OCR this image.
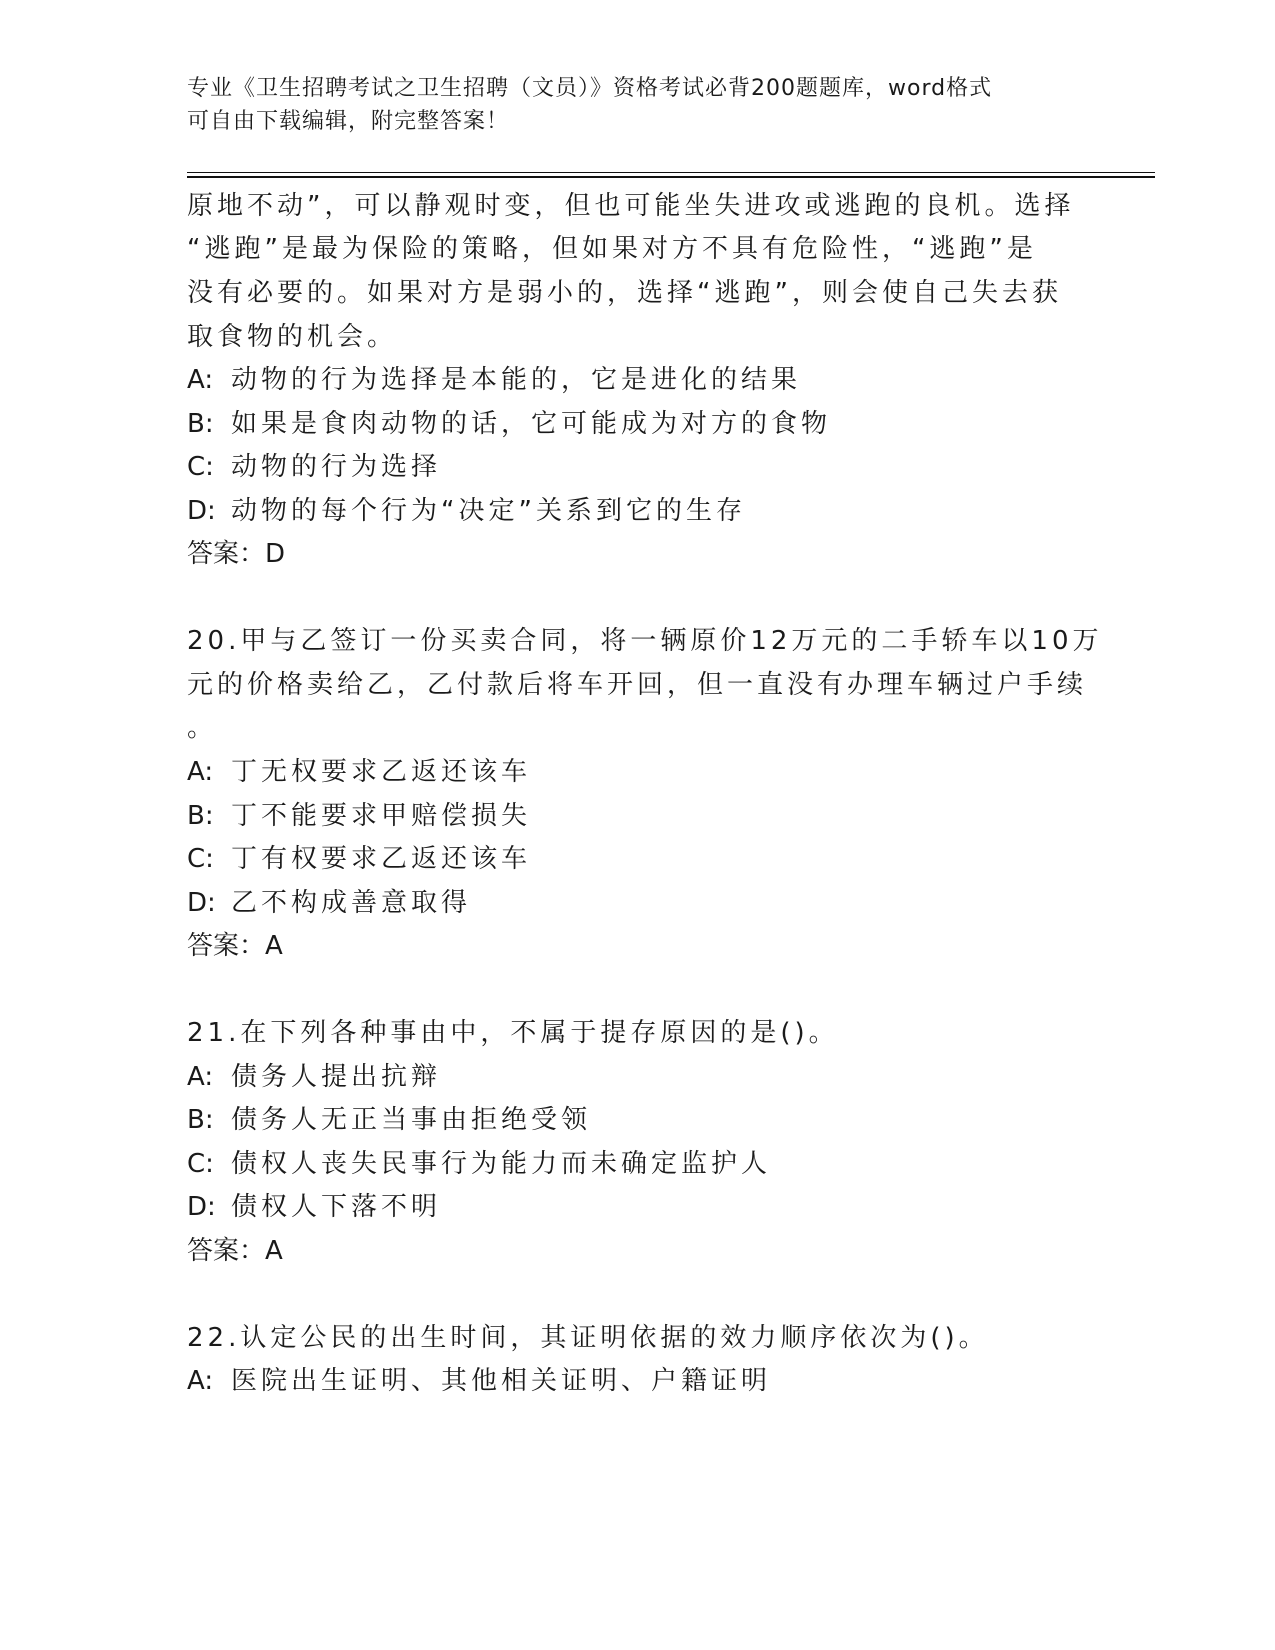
专业《卫生招聘考试之卫生招聘（文员）》资格考试必背200题题库，word格式
可自由下载编辑，附完整答案！
原地不动”，可以静观时变，但也可能坐失进攻或逃跑的良机。选择
“逃跑”是最为保险的策略，但如果对方不具有危险性，“逃跑”是
没有必要的。如果对方是弱小的，选择“逃跑”，则会使自己失去获
取食物的机会。
A: 动物的行为选择是本能的，它是进化的结果
B: 如果是食肉动物的话，它可能成为对方的食物
C: 动物的行为选择
D: 动物的每个行为“决定”关系到它的生存
答案：D
20.甲与乙签订一份买卖合同，将一辆原价12万元的二手轿车以10万
元的价格卖给乙，乙付款后将车开回，但一直没有办理车辆过户手续
。
A: 丁无权要求乙返还该车
B: 丁不能要求甲赔偿损失
C: 丁有权要求乙返还该车
D: 乙不构成善意取得
答案：A
21.在下列各种事由中，不属于提存原因的是()。
A: 债务人提出抗辩
B: 债务人无正当事由拒绝受领
C: 债权人丧失民事行为能力而未确定监护人
D: 债权人下落不明
答案：A
22.认定公民的出生时间，其证明依据的效力顺序依次为()。
A: 医院出生证明、其他相关证明、户籍证明
